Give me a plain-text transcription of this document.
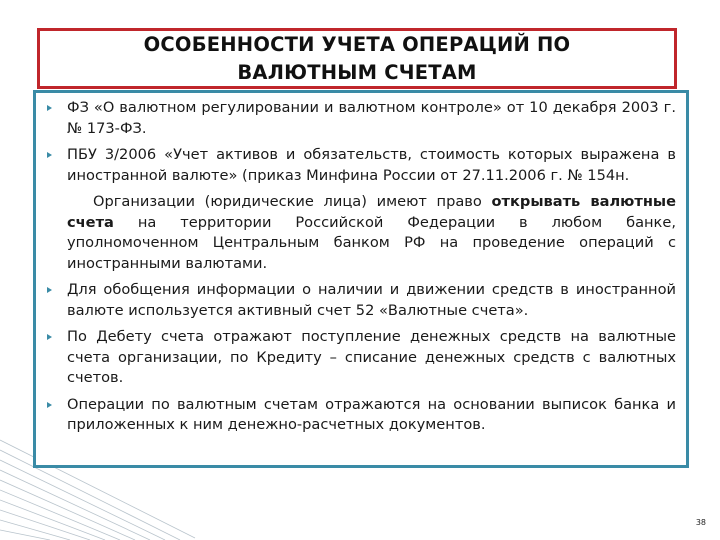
ОСОБЕННОСТИ УЧЕТА ОПЕРАЦИЙ ПО
ВАЛЮТНЫМ СЧЕТАМ

ФЗ «О валютном регулировании и валютном контроле» от 10 декабря 2003 г. № 173-ФЗ.

ПБУ 3/2006 «Учет активов и обязательств, стоимость которых выражена в иностранной валюте» (приказ Минфина России от 27.11.2006 г. № 154н.

Организации (юридические лица) имеют право открывать валютные счета на территории Российской Федерации в любом банке, уполномоченном Центральным банком РФ на проведение операций с иностранными валютами.

Для обобщения информации о наличии и движении средств в иностранной валюте используется активный счет 52 «Валютные счета».

По Дебету счета отражают поступление денежных средств на валютные счета организации, по Кредиту – списание денежных средств с валютных счетов.

Операции по валютным счетам отражаются на основании выписок банка и приложенных к ним денежно-расчетных документов.

38
